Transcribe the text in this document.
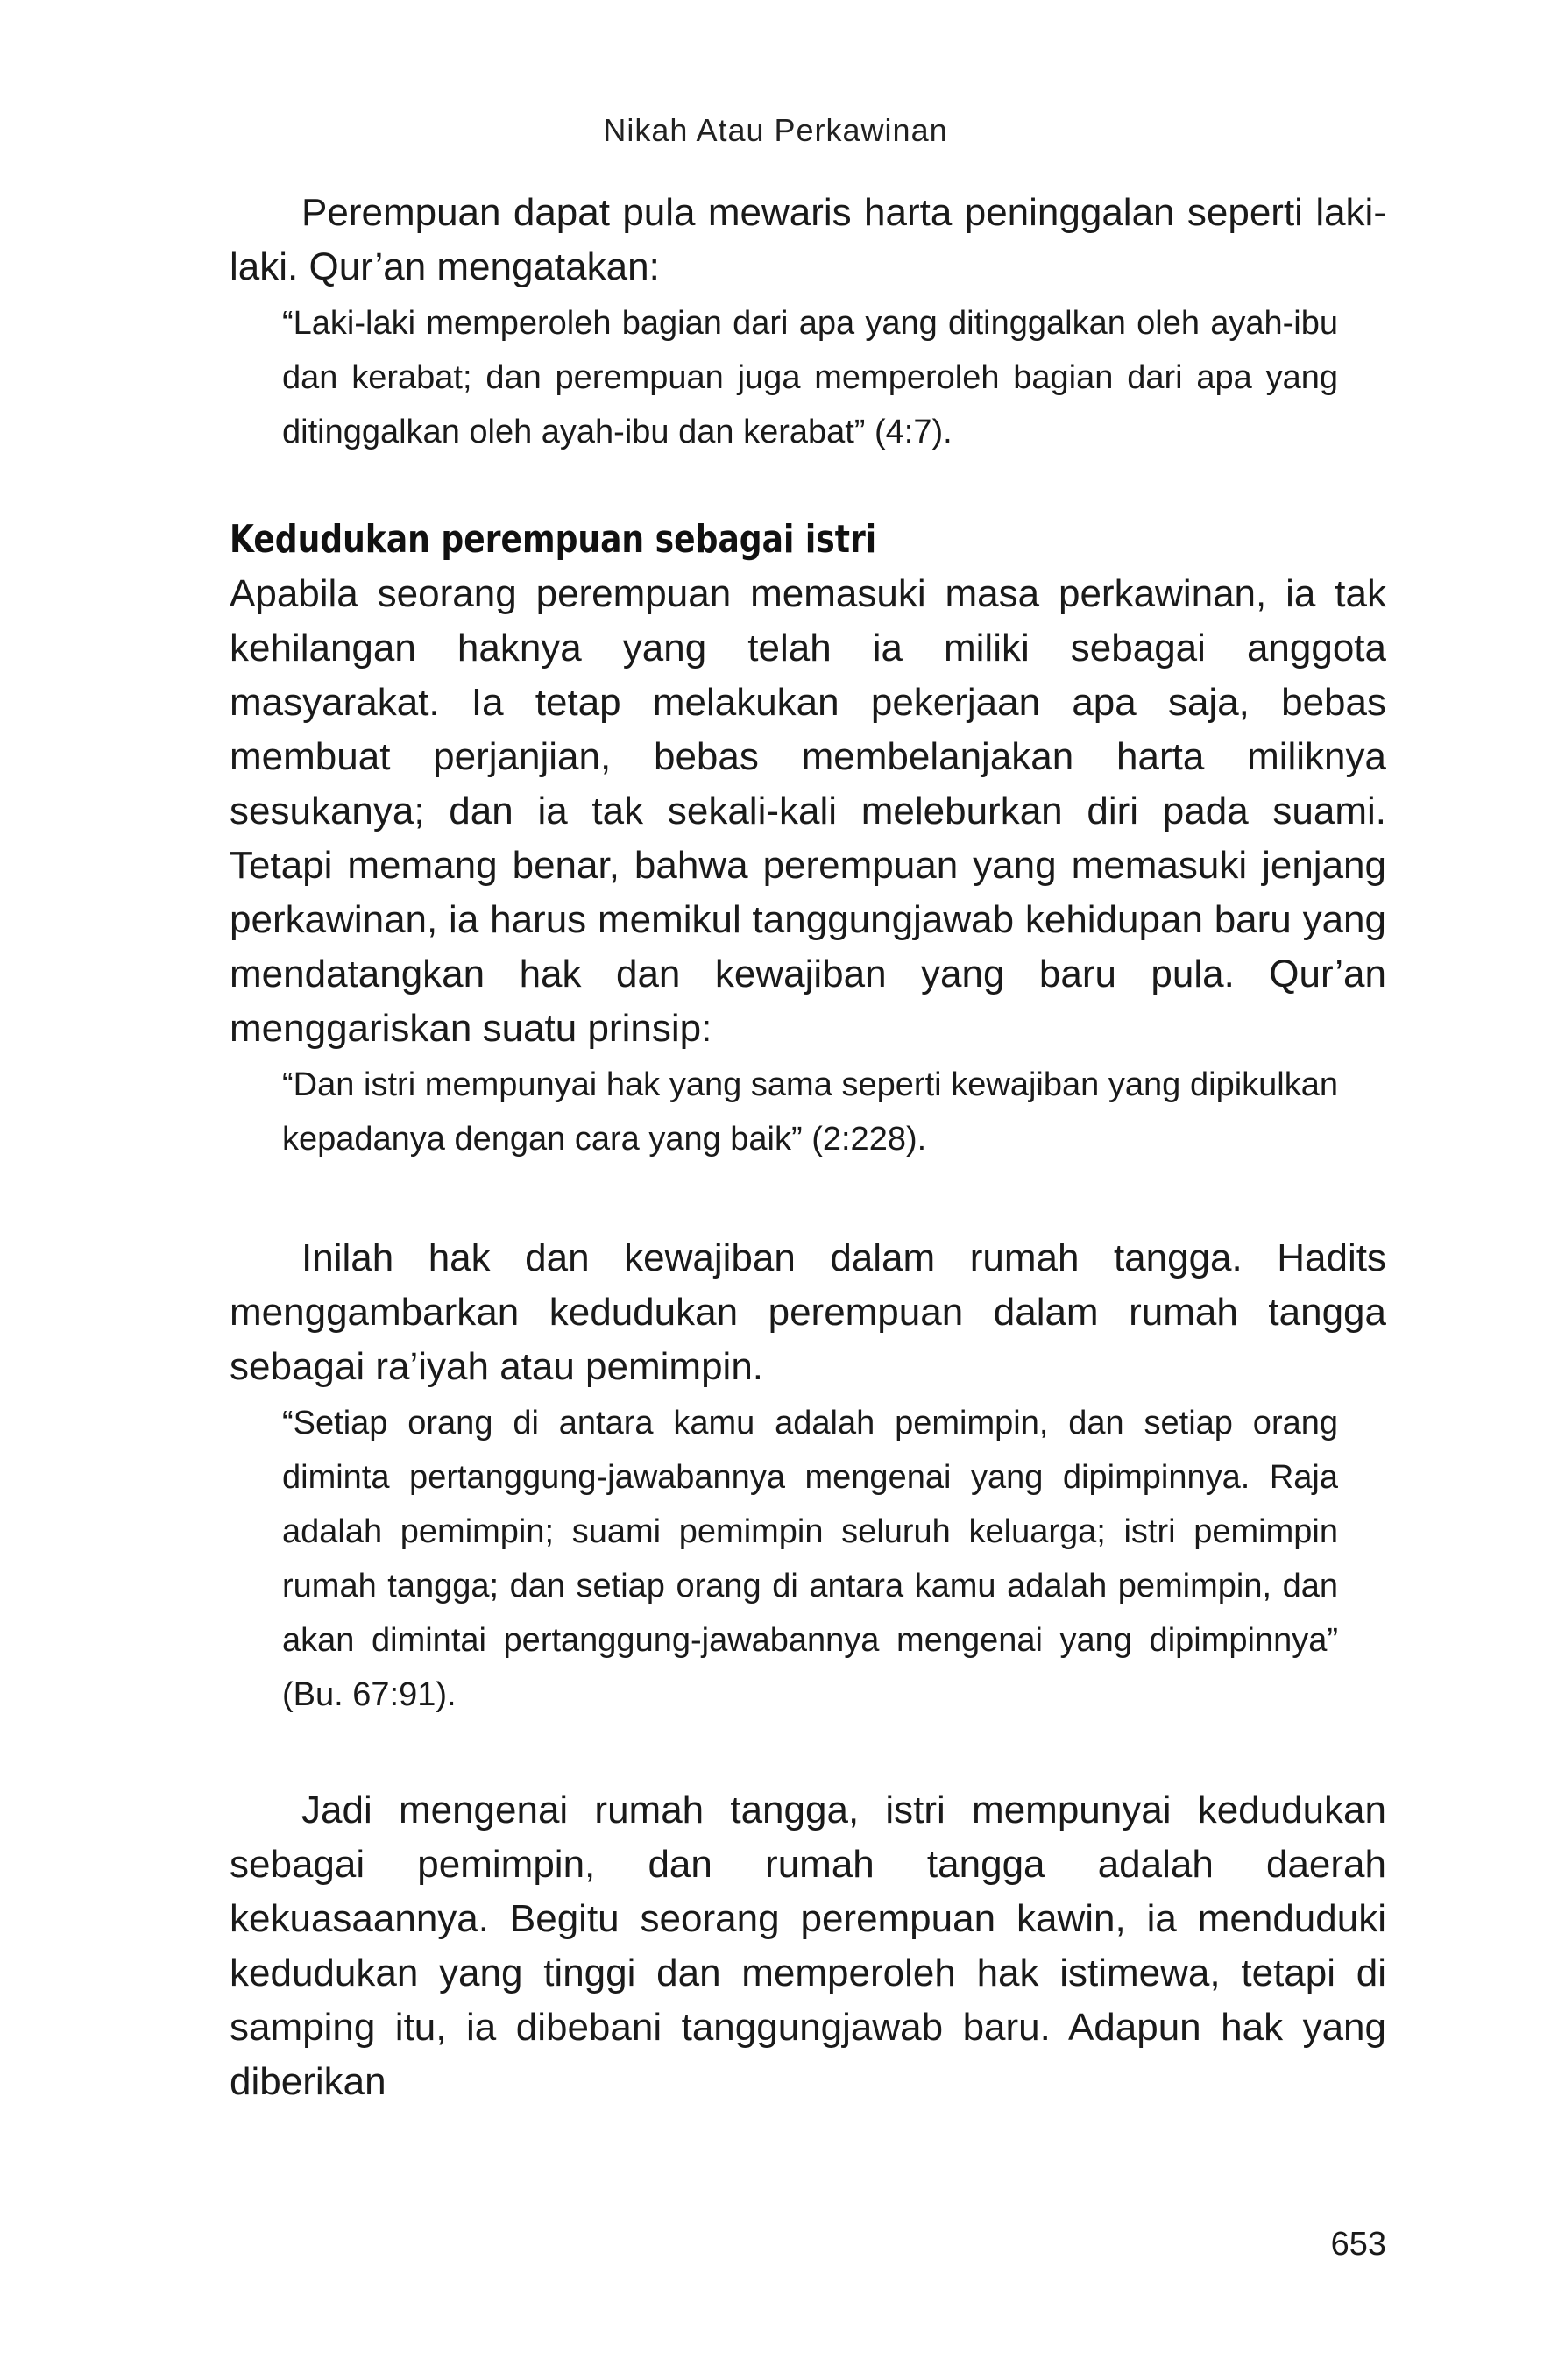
Nikah Atau Perkawinan

Perempuan dapat pula mewaris harta peninggalan seperti laki-laki. Qur’an mengatakan:

“Laki-laki memperoleh bagian dari apa yang ditinggalkan oleh ayah-ibu dan kerabat; dan perempuan juga memperoleh bagian dari apa yang ditinggalkan oleh ayah-ibu dan kerabat” (4:7).

Kedudukan perempuan sebagai istri

Apabila seorang perempuan memasuki masa perkawinan, ia tak kehilangan haknya yang telah ia miliki sebagai anggota masyarakat. Ia tetap melakukan pekerjaan apa saja, bebas membuat perjanjian, bebas membelanjakan harta miliknya sesukanya; dan ia tak sekali-kali meleburkan diri pada suami. Tetapi memang benar, bahwa perempuan yang memasuki jenjang perkawinan, ia harus memikul tanggungjawab kehidupan baru yang mendatangkan hak dan kewajiban yang baru pula. Qur’an menggariskan suatu prinsip:

“Dan istri mempunyai hak yang sama seperti kewajiban yang dipikulkan kepadanya dengan cara yang baik” (2:228).

Inilah hak dan kewajiban dalam rumah tangga. Hadits menggambarkan kedudukan perempuan dalam rumah tangga sebagai ra’iyah atau pemimpin.

“Setiap orang di antara kamu adalah pemimpin, dan setiap orang diminta pertanggung-jawabannya mengenai yang dipimpinnya. Raja adalah pemimpin; suami pemimpin seluruh keluarga; istri pemimpin rumah tangga; dan setiap orang di antara kamu adalah pemimpin, dan akan dimintai pertanggung-jawabannya mengenai yang dipimpinnya” (Bu. 67:91).

Jadi mengenai rumah tangga, istri mempunyai kedudukan sebagai pemimpin, dan rumah tangga adalah daerah kekuasaannya. Begitu seorang perempuan kawin, ia menduduki kedudukan yang tinggi dan memperoleh hak istimewa, tetapi di samping itu, ia dibebani tanggungjawab baru. Adapun hak yang diberikan

653
